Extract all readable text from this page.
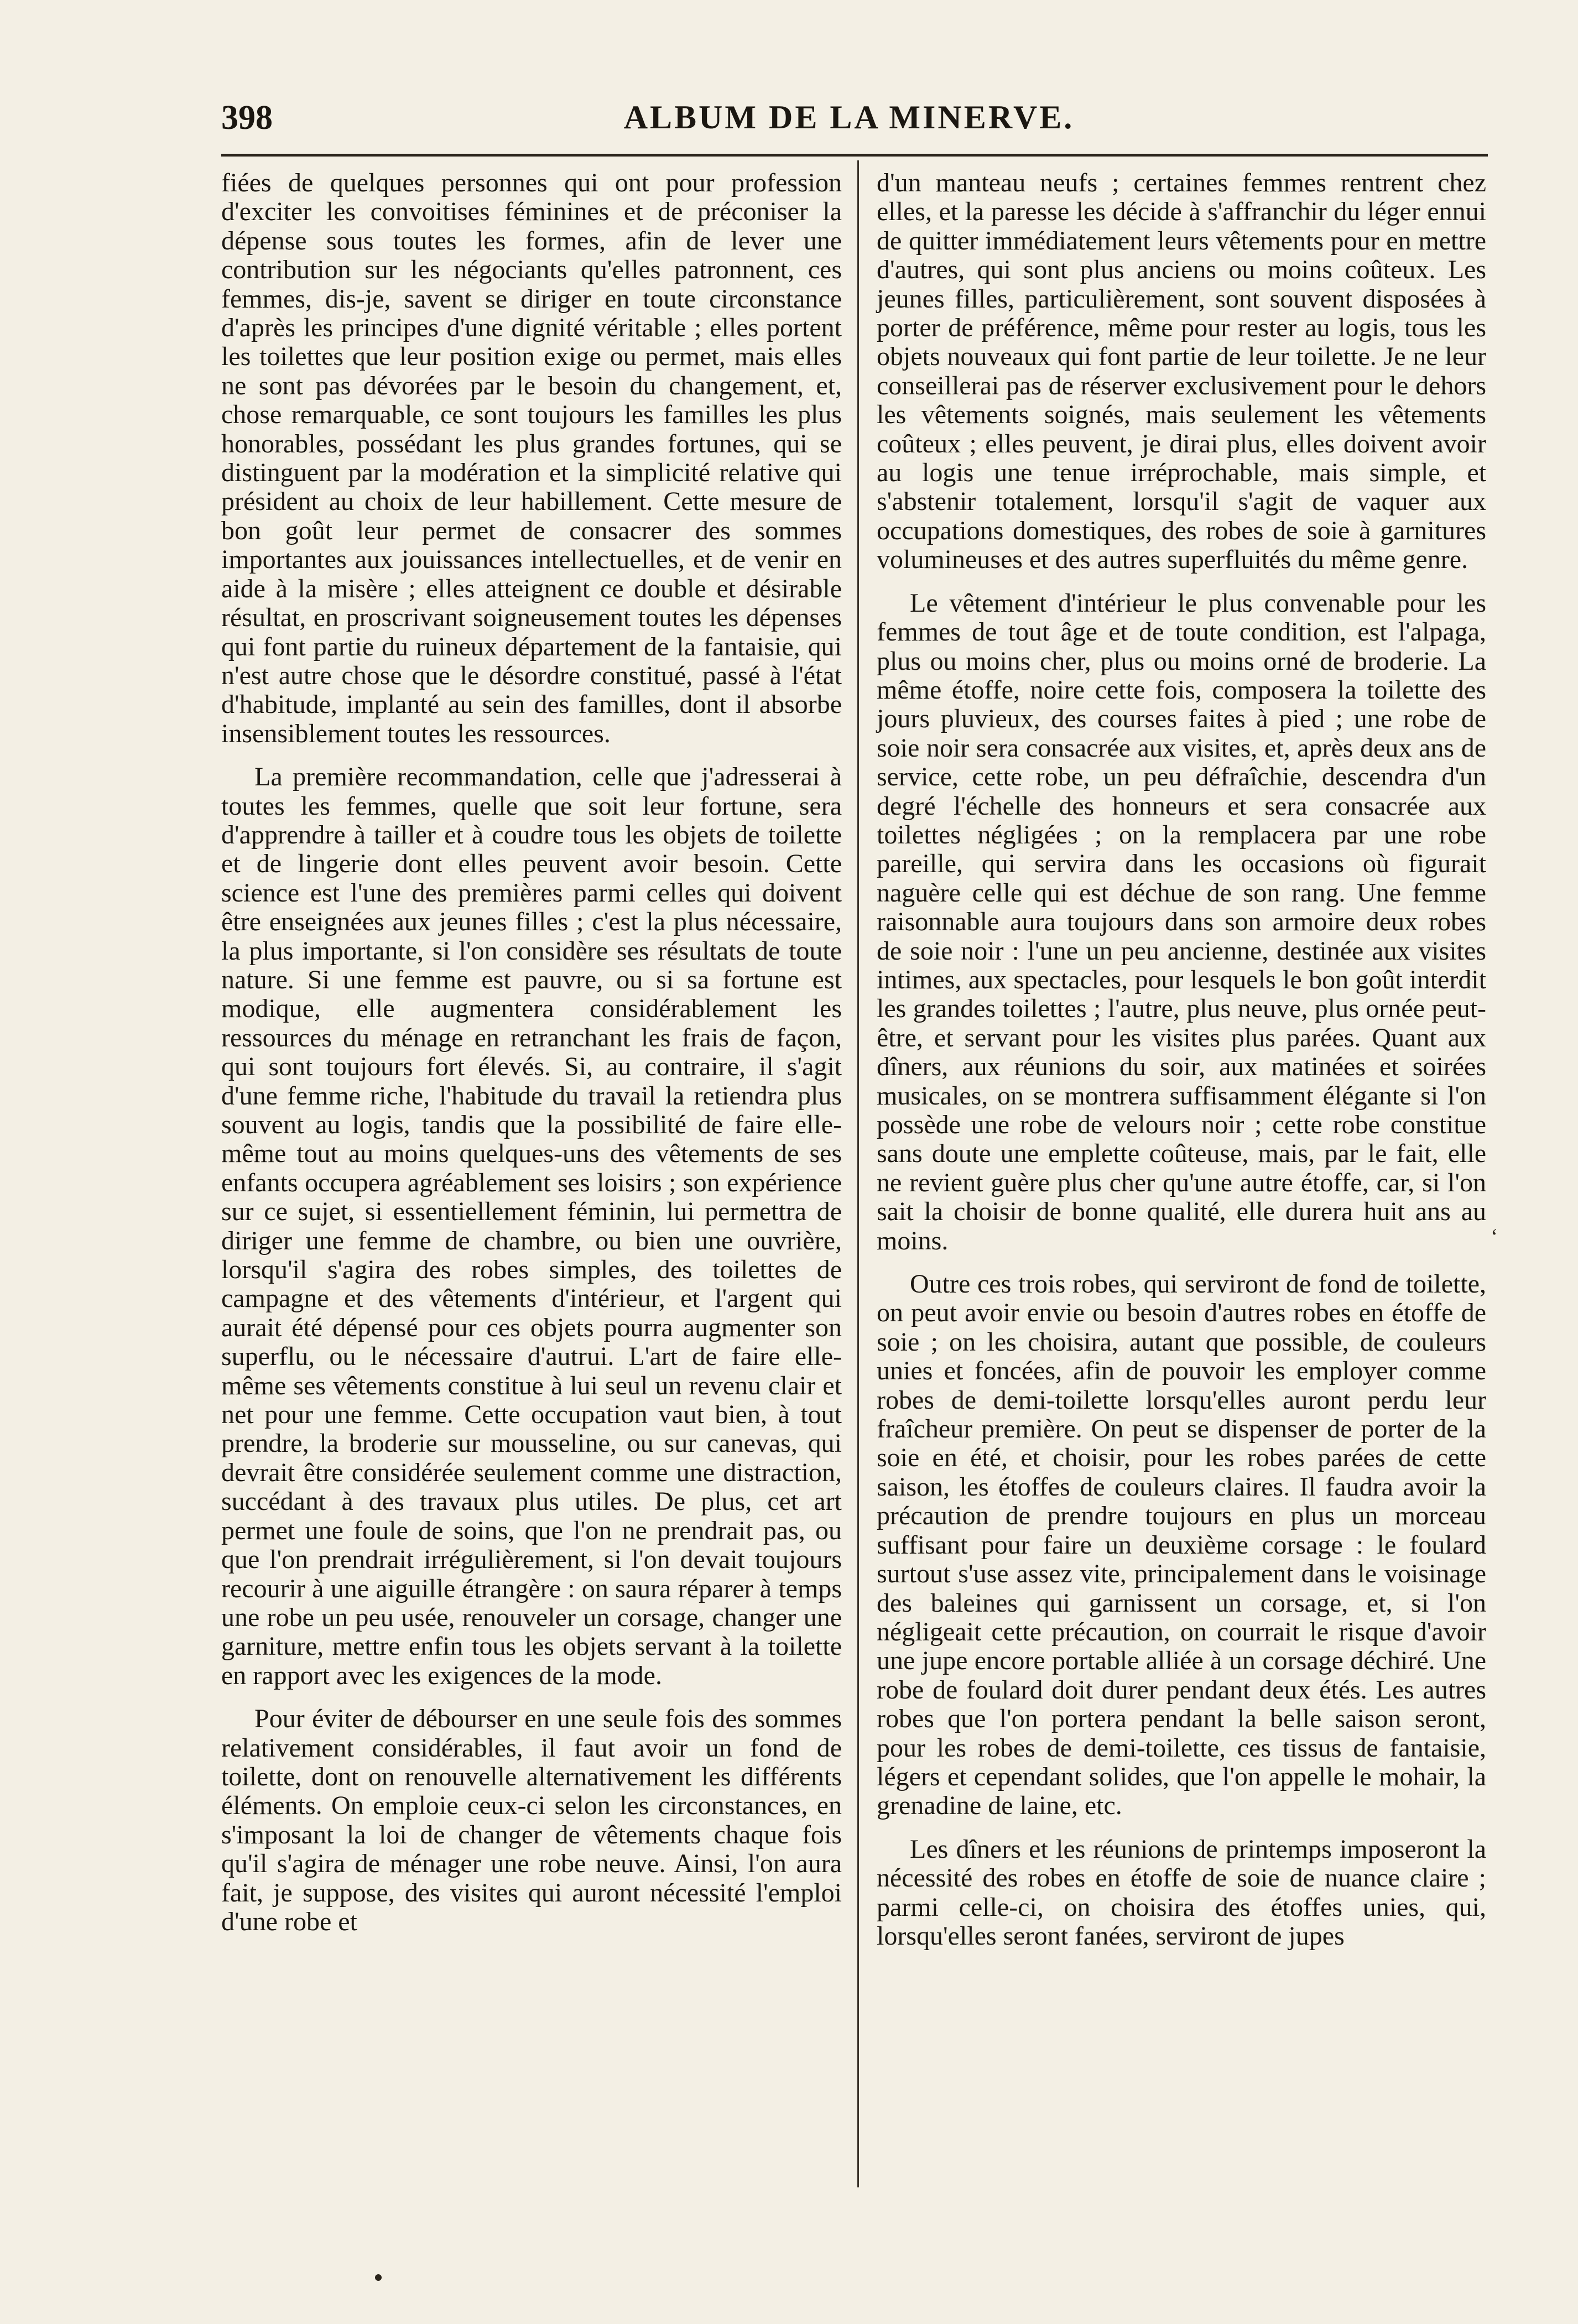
398	ALBUM DE LA MINERVE.

fiées de quelques personnes qui ont pour profession d'exciter les convoitises féminines et de préconiser la dépense sous toutes les formes, afin de lever une contribution sur les négociants qu'elles patronnent, ces femmes, dis-je, savent se diriger en toute circonstance d'après les principes d'une dignité véritable ; elles portent les toilettes que leur position exige ou permet, mais elles ne sont pas dévorées par le besoin du changement, et, chose remarquable, ce sont toujours les familles les plus honorables, possédant les plus grandes fortunes, qui se distinguent par la modération et la simplicité relative qui président au choix de leur habillement. Cette mesure de bon goût leur permet de consacrer des sommes importantes aux jouissances intellectuelles, et de venir en aide à la misère ; elles atteignent ce double et désirable résultat, en proscrivant soigneusement toutes les dépenses qui font partie du ruineux département de la fantaisie, qui n'est autre chose que le désordre constitué, passé à l'état d'habitude, implanté au sein des familles, dont il absorbe insensiblement toutes les ressources.

La première recommandation, celle que j'adresserai à toutes les femmes, quelle que soit leur fortune, sera d'apprendre à tailler et à coudre tous les objets de toilette et de lingerie dont elles peuvent avoir besoin. Cette science est l'une des premières parmi celles qui doivent être enseignées aux jeunes filles ; c'est la plus nécessaire, la plus importante, si l'on considère ses résultats de toute nature. Si une femme est pauvre, ou si sa fortune est modique, elle augmentera considérablement les ressources du ménage en retranchant les frais de façon, qui sont toujours fort élevés. Si, au contraire, il s'agit d'une femme riche, l'habitude du travail la retiendra plus souvent au logis, tandis que la possibilité de faire elle-même tout au moins quelques-uns des vêtements de ses enfants occupera agréablement ses loisirs ; son expérience sur ce sujet, si essentiellement féminin, lui permettra de diriger une femme de chambre, ou bien une ouvrière, lorsqu'il s'agira des robes simples, des toilettes de campagne et des vêtements d'intérieur, et l'argent qui aurait été dépensé pour ces objets pourra augmenter son superflu, ou le nécessaire d'autrui. L'art de faire elle-même ses vêtements constitue à lui seul un revenu clair et net pour une femme. Cette occupation vaut bien, à tout prendre, la broderie sur mousseline, ou sur canevas, qui devrait être considérée seulement comme une distraction, succédant à des travaux plus utiles. De plus, cet art permet une foule de soins, que l'on ne prendrait pas, ou que l'on prendrait irrégulièrement, si l'on devait toujours recourir à une aiguille étrangère : on saura réparer à temps une robe un peu usée, renouveler un corsage, changer une garniture, mettre enfin tous les objets servant à la toilette en rapport avec les exigences de la mode.

Pour éviter de débourser en une seule fois des sommes relativement considérables, il faut avoir un fond de toilette, dont on renouvelle alternativement les différents éléments. On emploie ceux-ci selon les circonstances, en s'imposant la loi de changer de vêtements chaque fois qu'il s'agira de ménager une robe neuve. Ainsi, l'on aura fait, je suppose, des visites qui auront nécessité l'emploi d'une robe et

d'un manteau neufs ; certaines femmes rentrent chez elles, et la paresse les décide à s'affranchir du léger ennui de quitter immédiatement leurs vêtements pour en mettre d'autres, qui sont plus anciens ou moins coûteux. Les jeunes filles, particulièrement, sont souvent disposées à porter de préférence, même pour rester au logis, tous les objets nouveaux qui font partie de leur toilette. Je ne leur conseillerai pas de réserver exclusivement pour le dehors les vêtements soignés, mais seulement les vêtements coûteux ; elles peuvent, je dirai plus, elles doivent avoir au logis une tenue irréprochable, mais simple, et s'abstenir totalement, lorsqu'il s'agit de vaquer aux occupations domestiques, des robes de soie à garnitures volumineuses et des autres superfluités du même genre.

Le vêtement d'intérieur le plus convenable pour les femmes de tout âge et de toute condition, est l'alpaga, plus ou moins cher, plus ou moins orné de broderie. La même étoffe, noire cette fois, composera la toilette des jours pluvieux, des courses faites à pied ; une robe de soie noir sera consacrée aux visites, et, après deux ans de service, cette robe, un peu défraîchie, descendra d'un degré l'échelle des honneurs et sera consacrée aux toilettes négligées ; on la remplacera par une robe pareille, qui servira dans les occasions où figurait naguère celle qui est déchue de son rang. Une femme raisonnable aura toujours dans son armoire deux robes de soie noir : l'une un peu ancienne, destinée aux visites intimes, aux spectacles, pour lesquels le bon goût interdit les grandes toilettes ; l'autre, plus neuve, plus ornée peut-être, et servant pour les visites plus parées. Quant aux dîners, aux réunions du soir, aux matinées et soirées musicales, on se montrera suffisamment élégante si l'on possède une robe de velours noir ; cette robe constitue sans doute une emplette coûteuse, mais, par le fait, elle ne revient guère plus cher qu'une autre étoffe, car, si l'on sait la choisir de bonne qualité, elle durera huit ans au moins.

Outre ces trois robes, qui serviront de fond de toilette, on peut avoir envie ou besoin d'autres robes en étoffe de soie ; on les choisira, autant que possible, de couleurs unies et foncées, afin de pouvoir les employer comme robes de demi-toilette lorsqu'elles auront perdu leur fraîcheur première. On peut se dispenser de porter de la soie en été, et choisir, pour les robes parées de cette saison, les étoffes de couleurs claires. Il faudra avoir la précaution de prendre toujours en plus un morceau suffisant pour faire un deuxième corsage : le foulard surtout s'use assez vite, principalement dans le voisinage des baleines qui garnissent un corsage, et, si l'on négligeait cette précaution, on courrait le risque d'avoir une jupe encore portable alliée à un corsage déchiré. Une robe de foulard doit durer pendant deux étés. Les autres robes que l'on portera pendant la belle saison seront, pour les robes de demi-toilette, ces tissus de fantaisie, légers et cependant solides, que l'on appelle le mohair, la grenadine de laine, etc.

Les dîners et les réunions de printemps imposeront la nécessité des robes en étoffe de soie de nuance claire ; parmi celle-ci, on choisira des étoffes unies, qui, lorsqu'elles seront fanées, serviront de jupes

ʻ
